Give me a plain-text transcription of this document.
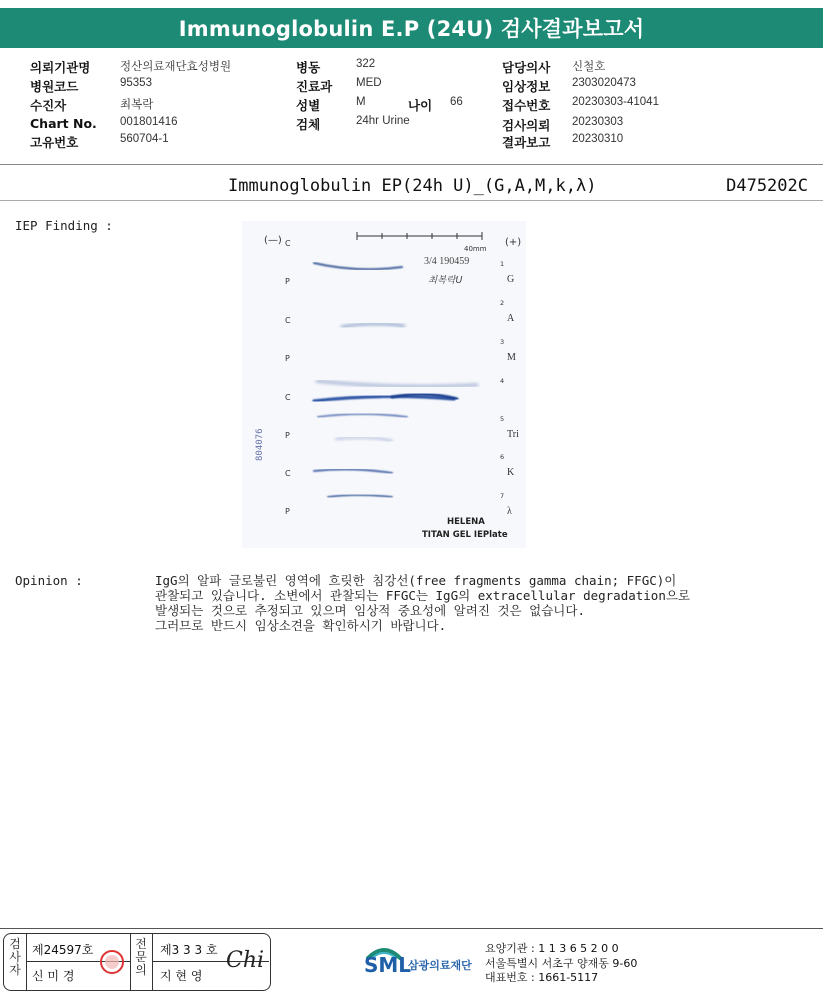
Immunoglobulin E.P (24U) 검사결과보고서
의뢰기관명	정산의료재단효성병원
병원코드	95353
수진자	최복락
Chart No. 001801416
고유번호	560704-1
병동	322
진료과 MED
성별	M	나이 66
검체	24hr Urine
담당의사 신철호
임상정보 2303020473
접수번호 20230303-41041
검사의뢰 20230303
결과보고 20230310
Immunoglobulin EP(24h U)_(G,A,M,k,λ)	D475202C
IEP Finding :
(—)	(+)
40mm
3/4 190459
최복락U
804076
C
P
C
P
C
P
C
P
1
G
2
A
3
M
4
5
Tri
6
K
7
λ
HELENA
TITAN GEL IEPlate
Opinion :	IgG의 알파 글로불린 영역에 흐릿한 침강선(free fragments gamma chain; FFGC)이
관찰되고 있습니다. 소변에서 관찰되는 FFGC는 IgG의 extracellular degradation으로
발생되는 것으로 추정되고 있으며 임상적 중요성에 알려진 것은 없습니다.
그러므로 반드시 임상소견을 확인하시기 바랍니다.
검
사
자
제24597호
신 미 경
전
문
의
제3 3 3 호
지 현 영
Chi	SML
삼광의료재단
요양기관 : 1 1 3 6 5 2 0 0
서울특별시 서초구 양재동 9-60
대표번호 : 1661-5117
